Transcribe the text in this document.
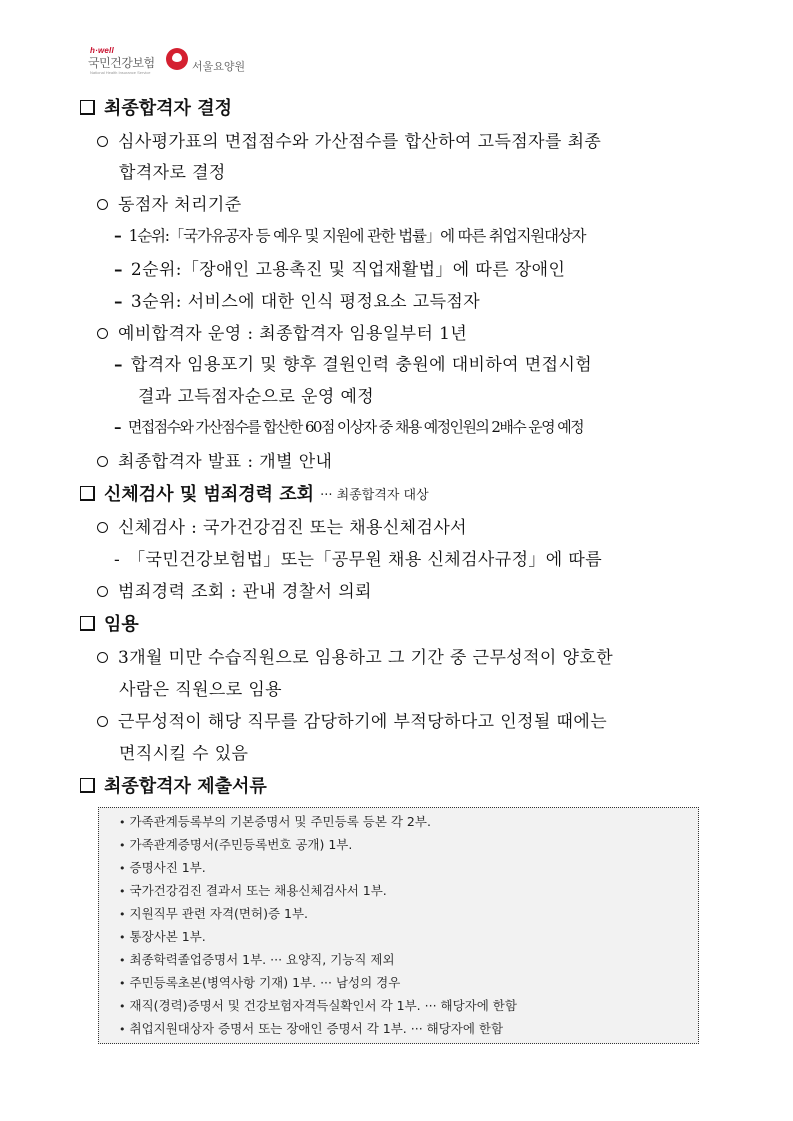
h·well
국민건강보험
National Health Insurance Service	서울요양원
최종합격자 결정
심사평가표의 면접점수와 가산점수를 합산하여 고득점자를 최종
합격자로 결정
동점자 처리기준
– 1순위:「국가유공자 등 예우 및 지원에 관한 법률」에 따른 취업지원대상자
– 2순위:「장애인 고용촉진 및 직업재활법」에 따른 장애인
– 3순위: 서비스에 대한 인식 평정요소 고득점자
예비합격자 운영 : 최종합격자 임용일부터 1년
– 합격자 임용포기 및 향후 결원인력 충원에 대비하여 면접시험
결과 고득점자순으로 운영 예정
– 면접점수와 가산점수를 합산한 60점 이상자 중 채용 예정인원의 2배수 운영 예정
최종합격자 발표 : 개별 안내
신체검사 및 범죄경력 조회 ··· 최종합격자 대상
신체검사 : 국가건강검진 또는 채용신체검사서
- 「국민건강보험법」또는「공무원 채용 신체검사규정」에 따름
범죄경력 조회 : 관내 경찰서 의뢰
임용
3개월 미만 수습직원으로 임용하고 그 기간 중 근무성적이 양호한
사람은 직원으로 임용
근무성적이 해당 직무를 감당하기에 부적당하다고 인정될 때에는
면직시킬 수 있음
최종합격자 제출서류
• 가족관계등록부의 기본증명서 및 주민등록 등본 각 2부.
• 가족관계증명서(주민등록번호 공개) 1부.
• 증명사진 1부.
• 국가건강검진 결과서 또는 채용신체검사서 1부.
• 지원직무 관련 자격(면허)증 1부.
• 통장사본 1부.
• 최종학력졸업증명서 1부. ··· 요양직, 기능직 제외
• 주민등록초본(병역사항 기재) 1부. ··· 남성의 경우
• 재직(경력)증명서 및 건강보험자격득실확인서 각 1부. ··· 해당자에 한함
• 취업지원대상자 증명서 또는 장애인 증명서 각 1부. ··· 해당자에 한함
